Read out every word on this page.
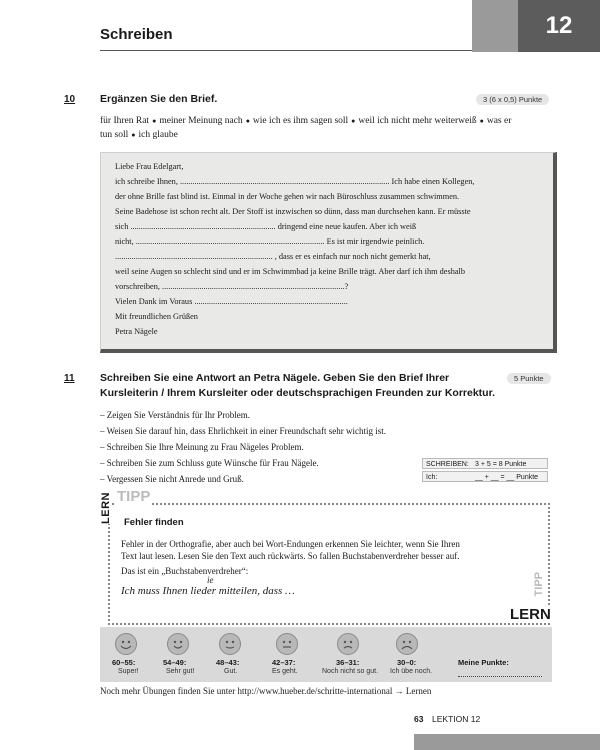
Schreiben	12
10 Ergänzen Sie den Brief.	3 (6 x 0,5) Punkte
für Ihren Rat ● meiner Meinung nach ● wie ich es ihm sagen soll ● weil ich nicht mehr weiterweiß ● was er
tun soll ● ich glaube
Liebe Frau Edelgart,
ich schreibe Ihnen, ..................................................................................................... Ich habe einen Kollegen,
der ohne Brille fast blind ist. Einmal in der Woche gehen wir nach Büroschluss zusammen schwimmen.
Seine Badehose ist schon recht alt. Der Stoff ist inzwischen so dünn, dass man durchsehen kann. Er müsste
sich ...................................................................... dringend eine neue kaufen. Aber ich weiß
nicht, ........................................................................................... Es ist mir irgendwie peinlich.
............................................................................ , dass er es einfach nur noch nicht gemerkt hat,
weil seine Augen so schlecht sind und er im Schwimmbad ja keine Brille trägt. Aber darf ich ihm deshalb
vorschreiben, ........................................................................................?
Vielen Dank im Voraus ..........................................................................
Mit freundlichen Grüßen
Petra Nägele
11 Schreiben Sie eine Antwort an Petra Nägele. Geben Sie den Brief Ihrer
Kursleiterin / Ihrem Kursleiter oder deutschsprachigen Freunden zur Korrektur.
5 Punkte
– Zeigen Sie Verständnis für Ihr Problem.
– Weisen Sie darauf hin, dass Ehrlichkeit in einer Freundschaft sehr wichtig ist.
– Schreiben Sie Ihre Meinung zu Frau Nägeles Problem.
– Schreiben Sie zum Schluss gute Wünsche für Frau Nägele.
– Vergessen Sie nicht Anrede und Gruß.
SCHREIBEN: 3 + 5 = 8 Punkte
Ich:	__ + __ = __ Punkte
LERN TIPP
TIPP
LERN
Fehler finden
Fehler in der Orthografie, aber auch bei Wort-Endungen erkennen Sie leichter, wenn Sie Ihren
Text laut lesen. Lesen Sie den Text auch rückwärts. So fallen Buchstabenverdreher besser auf.
Das ist ein „Buchstabenverdreher“:
Ich muss Ihnen lieder mitteilen, dass …
ie
60–55:
Super!
54–49:
Sehr gut!
48–43:
Gut.
42–37:
Es geht.
36–31:
Noch nicht so gut.
30–0:
Ich übe noch.
Meine Punkte:
Noch mehr Übungen finden Sie unter http://www.hueber.de/schritte-international → Lernen
63 LEKTION 12
